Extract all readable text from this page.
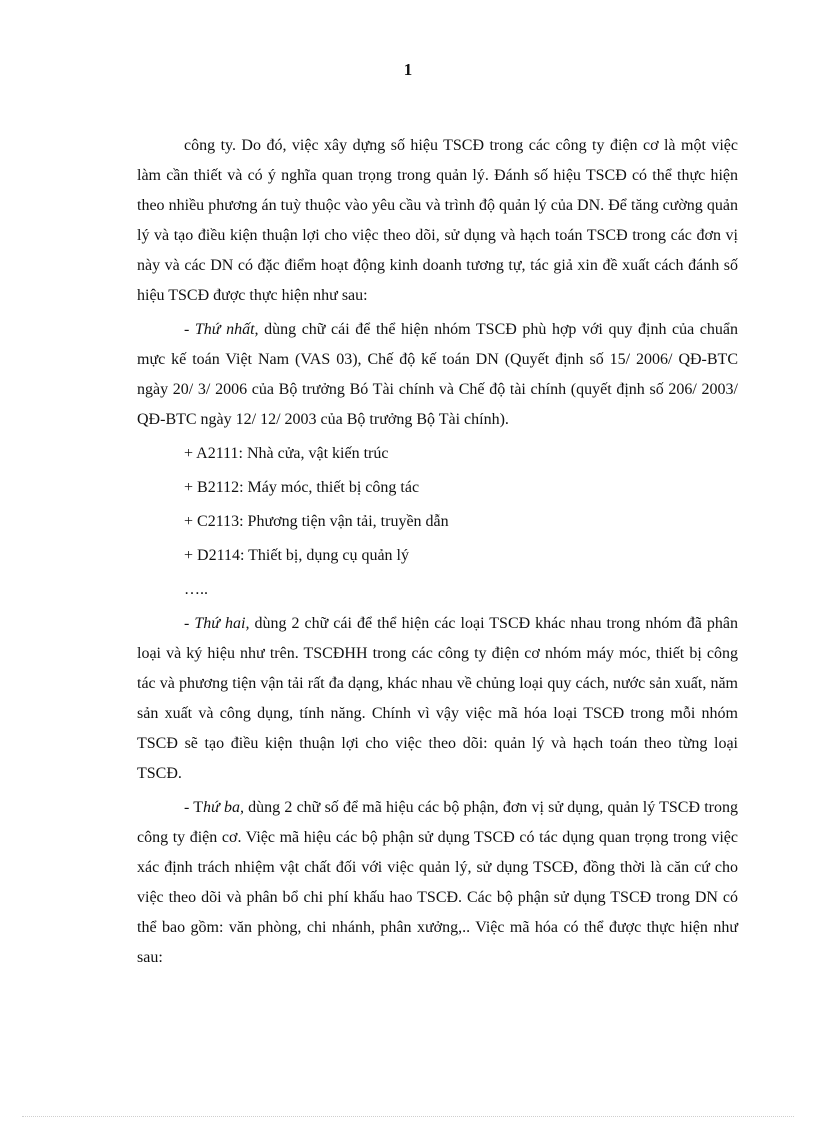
1

công ty. Do đó, việc xây dựng số hiệu TSCĐ trong các công ty điện cơ là một việc làm cần thiết và có ý nghĩa quan trọng trong quản lý. Đánh số hiệu TSCĐ có thể thực hiện theo nhiều phương án tuỳ thuộc vào yêu cầu và trình độ quản lý của DN. Để tăng cường quản lý và tạo điều kiện thuận lợi cho việc theo dõi, sử dụng và hạch toán TSCĐ trong các đơn vị này và các DN có đặc điểm hoạt động kinh doanh tương tự, tác giả xin đề xuất cách đánh số hiệu TSCĐ được thực hiện như sau:

- Thứ nhất, dùng chữ cái để thể hiện nhóm TSCĐ phù hợp với quy định của chuẩn mực kế toán Việt Nam (VAS 03), Chế độ kế toán DN (Quyết định số 15/ 2006/ QĐ-BTC ngày 20/ 3/ 2006 của Bộ trưởng Bó Tài chính và Chế độ tài chính (quyết định số 206/ 2003/ QĐ-BTC ngày 12/ 12/ 2003 của Bộ trưởng Bộ Tài chính).

+ A2111: Nhà cửa, vật kiến trúc
+ B2112: Máy móc, thiết bị công tác
+ C2113: Phương tiện vận tải, truyền dẫn
+ D2114: Thiết bị, dụng cụ quản lý
…..

- Thứ hai, dùng 2 chữ cái để thể hiện các loại TSCĐ khác nhau trong nhóm đã phân loại và ký hiệu như trên. TSCĐHH trong các công ty điện cơ nhóm máy móc, thiết bị công tác và phương tiện vận tải rất đa dạng, khác nhau về chủng loại quy cách, nước sản xuất, năm sản xuất và công dụng, tính năng. Chính vì vậy việc mã hóa loại TSCĐ trong mỗi nhóm TSCĐ sẽ tạo điều kiện thuận lợi cho việc theo dõi: quản lý và hạch toán theo từng loại TSCĐ.

- Thứ ba, dùng 2 chữ số để mã hiệu các bộ phận, đơn vị sử dụng, quản lý TSCĐ trong công ty điện cơ. Việc mã hiệu các bộ phận sử dụng TSCĐ có tác dụng quan trọng trong việc xác định trách nhiệm vật chất đối với việc quản lý, sử dụng TSCĐ, đồng thời là căn cứ cho việc theo dõi và phân bổ chi phí khấu hao TSCĐ. Các bộ phận sử dụng TSCĐ trong DN có thể bao gồm: văn phòng, chi nhánh, phân xưởng,.. Việc mã hóa có thể được thực hiện như sau:
